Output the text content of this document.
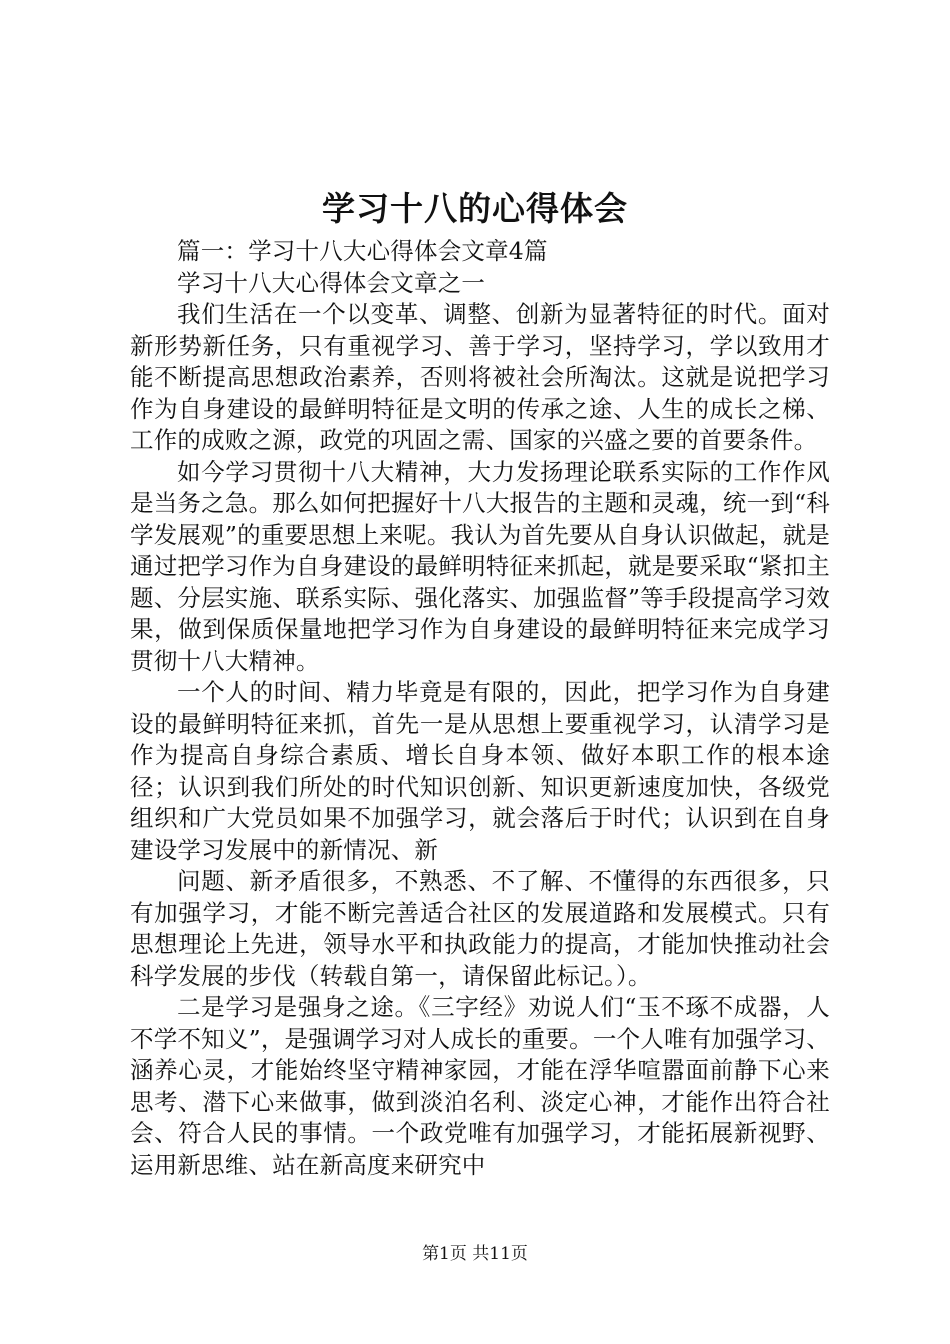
学习十八的心得体会

篇一：学习十八大心得体会文章4篇

学习十八大心得体会文章之一

我们生活在一个以变革、调整、创新为显著特征的时代。面对新形势新任务，只有重视学习、善于学习，坚持学习，学以致用才能不断提高思想政治素养，否则将被社会所淘汰。这就是说把学习作为自身建设的最鲜明特征是文明的传承之途、人生的成长之梯、工作的成败之源，政党的巩固之需、国家的兴盛之要的首要条件。

如今学习贯彻十八大精神，大力发扬理论联系实际的工作作风是当务之急。那么如何把握好十八大报告的主题和灵魂，统一到“科学发展观”的重要思想上来呢。我认为首先要从自身认识做起，就是通过把学习作为自身建设的最鲜明特征来抓起，就是要采取“紧扣主题、分层实施、联系实际、强化落实、加强监督”等手段提高学习效果，做到保质保量地把学习作为自身建设的最鲜明特征来完成学习贯彻十八大精神。

一个人的时间、精力毕竟是有限的，因此，把学习作为自身建设的最鲜明特征来抓，首先一是从思想上要重视学习，认清学习是作为提高自身综合素质、增长自身本领、做好本职工作的根本途径；认识到我们所处的时代知识创新、知识更新速度加快，各级党组织和广大党员如果不加强学习，就会落后于时代；认识到在自身建设学习发展中的新情况、新

问题、新矛盾很多，不熟悉、不了解、不懂得的东西很多，只有加强学习，才能不断完善适合社区的发展道路和发展模式。只有思想理论上先进，领导水平和执政能力的提高，才能加快推动社会科学发展的步伐（转载自第一，请保留此标记。）。

二是学习是强身之途。《三字经》劝说人们“玉不琢不成器，人不学不知义”，是强调学习对人成长的重要。一个人唯有加强学习、涵养心灵，才能始终坚守精神家园，才能在浮华喧嚣面前静下心来思考、潜下心来做事，做到淡泊名利、淡定心神，才能作出符合社会、符合人民的事情。一个政党唯有加强学习，才能拓展新视野、运用新思维、站在新高度来研究中

第1页 共11页
